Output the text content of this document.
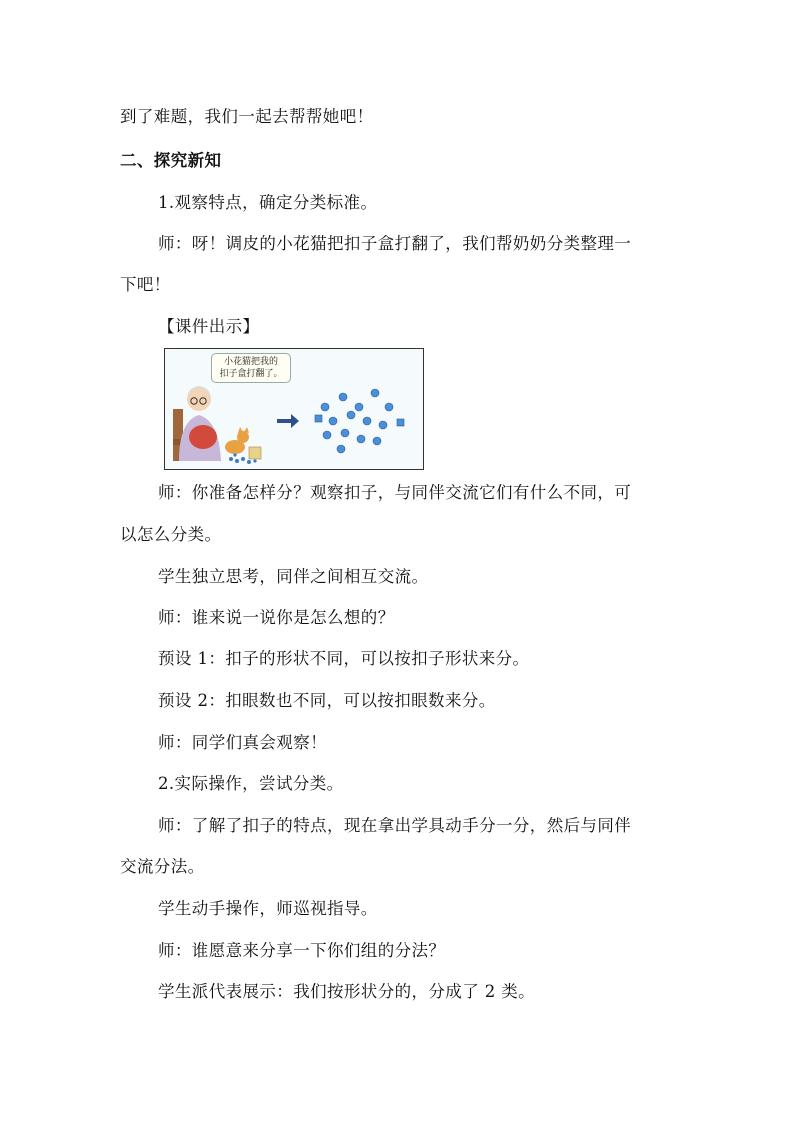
到了难题，我们一起去帮帮她吧！
二、探究新知
1.观察特点，确定分类标准。
师：呀！调皮的小花猫把扣子盒打翻了，我们帮奶奶分类整理一
下吧！
【课件出示】
小花猫把我的
扣子盒打翻了。
师：你准备怎样分？观察扣子，与同伴交流它们有什么不同，可
以怎么分类。
学生独立思考，同伴之间相互交流。
师：谁来说一说你是怎么想的？
预设 1：扣子的形状不同，可以按扣子形状来分。
预设 2：扣眼数也不同，可以按扣眼数来分。
师：同学们真会观察！
2.实际操作，尝试分类。
师：了解了扣子的特点，现在拿出学具动手分一分，然后与同伴
交流分法。
学生动手操作，师巡视指导。
师：谁愿意来分享一下你们组的分法？
学生派代表展示：我们按形状分的，分成了 2 类。
